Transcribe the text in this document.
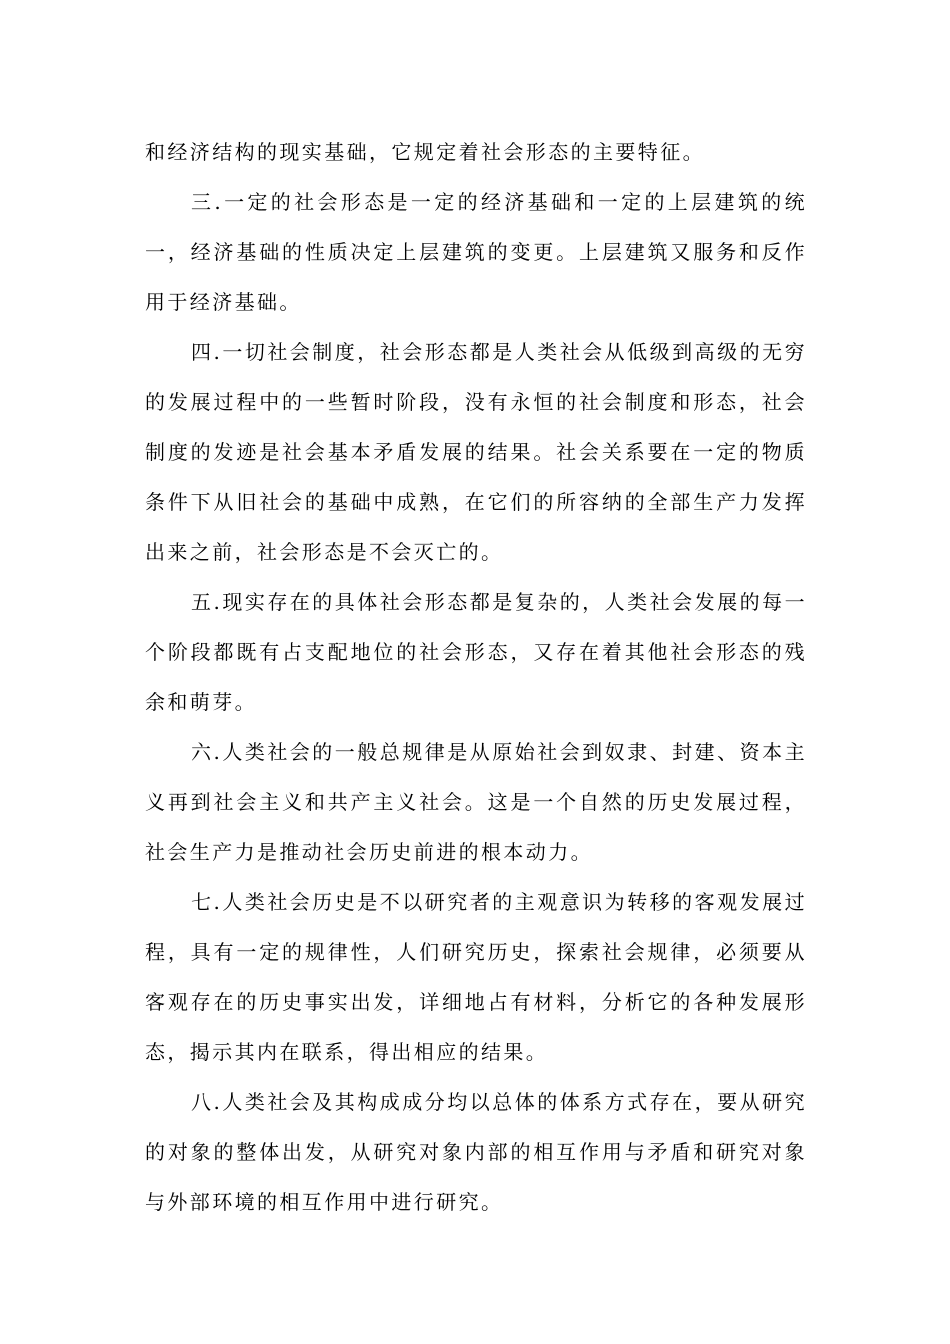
和经济结构的现实基础，它规定着社会形态的主要特征。

三.一定的社会形态是一定的经济基础和一定的上层建筑的统一，经济基础的性质决定上层建筑的变更。上层建筑又服务和反作用于经济基础。

四.一切社会制度，社会形态都是人类社会从低级到高级的无穷的发展过程中的一些暂时阶段，没有永恒的社会制度和形态，社会制度的发迹是社会基本矛盾发展的结果。社会关系要在一定的物质条件下从旧社会的基础中成熟，在它们的所容纳的全部生产力发挥出来之前，社会形态是不会灭亡的。

五.现实存在的具体社会形态都是复杂的，人类社会发展的每一个阶段都既有占支配地位的社会形态，又存在着其他社会形态的残余和萌芽。

六.人类社会的一般总规律是从原始社会到奴隶、封建、资本主义再到社会主义和共产主义社会。这是一个自然的历史发展过程，社会生产力是推动社会历史前进的根本动力。

七.人类社会历史是不以研究者的主观意识为转移的客观发展过程，具有一定的规律性，人们研究历史，探索社会规律，必须要从客观存在的历史事实出发，详细地占有材料，分析它的各种发展形态，揭示其内在联系，得出相应的结果。

八.人类社会及其构成成分均以总体的体系方式存在，要从研究的对象的整体出发，从研究对象内部的相互作用与矛盾和研究对象与外部环境的相互作用中进行研究。
